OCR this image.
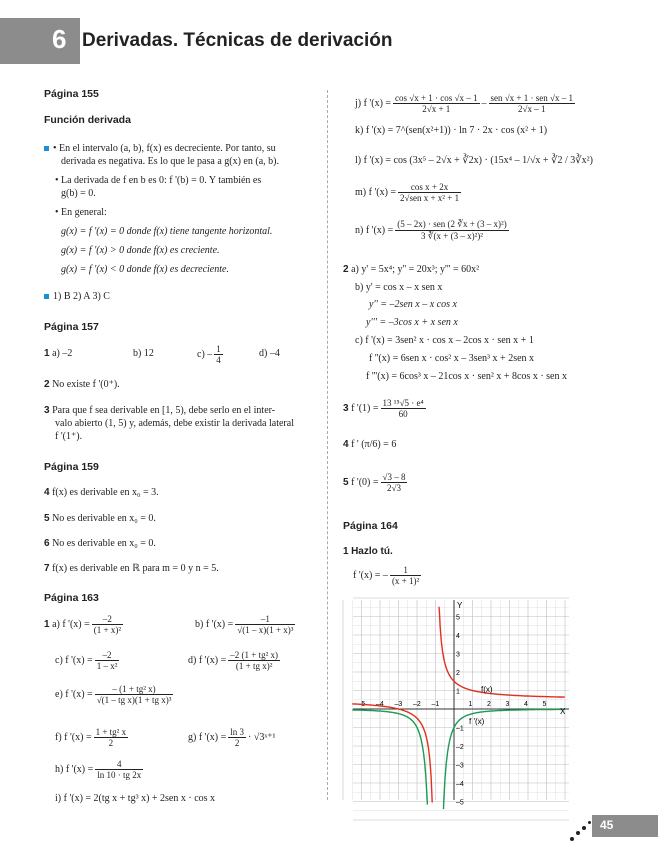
6 Derivadas. Técnicas de derivación
Página 155
Función derivada
• En el intervalo (a, b), f(x) es decreciente. Por tanto, su
derivada es negativa. Es lo que le pasa a g(x) en (a, b).
• La derivada de f en b es 0: f '(b) = 0. Y también es
g(b) = 0.
• En general:
g(x) = f '(x) = 0 donde f(x) tiene tangente horizontal.
g(x) = f '(x) > 0 donde f(x) es creciente.
g(x) = f '(x) < 0 donde f(x) es decreciente.
1) B 2) A 3) C
Página 157
1 a) –2	b) 12	$c) - \frac{1}{4}$	d) –4
2 No existe f '(0⁺).
3 Para que f sea derivable en [1, 5), debe serlo en el inter-
valo abierto (1, 5) y, además, debe existir la derivada lateral
f '(1⁺).
Página 159
4 f(x) es derivable en x₀ = 3.
5 No es derivable en x₀ = 0.
6 No es derivable en x₀ = 0.
7 f(x) es derivable en ℝ para m = 0 y n = 5.
Página 163
1 a) f '$(x) = \frac{-2}{\text{(1 + x)²}}$	b) f '$(x) = \frac{-1}{\text{√(1 – x)(1 + x)³}}$
c) f '$(x) = \frac{-2}{\text{1 – x²}}$	d) f '$(x) = \frac{\text{–2 (1 + tg² x)}}{\text{(1 + tg x)²}}$
e) f '$(x) = \frac{\text{– (1 + tg² x)}}{\text{√(1 – tg x)(1 + tg x)³}}$
f) f '$(x) = \frac{\text{1 + tg² x}}{2}$	g) f '$(x) = \frac{\ln 3}{2}$ · √3ˣ⁺¹
h) f '$(x) = \frac{4}{\ln 10 \cdot tg 2x}$
i) f '(x) = 2(tg x + tg³ x) + 2sen x · cos x
j) f '$(x) = \frac{\cos √x + 1 \cdot \cos √x - 1}{2√x + 1} - \frac{\text{sen √x + 1 · sen √x – 1}}{2√x - 1}$
k) f '(x) = 7^(sen(x²+1)) · ln 7 · 2x · cos (x² + 1)
l) f '(x) = cos (3x⁵ – 2√x + ∛2x) · (15x⁴ – 1/√x + ∛2 / 3∛x²)
m) f '$(x) = \frac{\text{cos x + 2x}}{\text{2√sen x + x² + 1}}$
n) f '$(x) = \frac{\text{(5 – 2x) · sen (2 ∛x + (3 – x)²)}}{\text{3 ∛(x + (3 – x)²)²}}$
2 a) y' = 5x⁴; y'' = 20x³; y''' = 60x²
b) y' = cos x – x sen x
y'' = –2sen x – x cos x
y''' = –3cos x + x sen x
c) f '(x) = 3sen² x · cos x – 2cos x · sen x + 1
f ''(x) = 6sen x · cos² x – 3sen³ x + 2sen x
f '''(x) = 6cos³ x – 21cos x · sen² x + 8cos x · sen x
3 f '$(1) = \frac{\text{13 ¹⁵√5 · e⁴}}{60}$
4 f ' (π/6) = 6
5 f '$(0) = \frac{√3 - 8}{2√3}$
Página 164
1 Hazlo tú.
f '(x) = – $\frac{1}{\text{(x + 1)²}}$
–5 –4 –3 –2 –1	1 2 3 4 5
5
4
3
2
1
–1
–2
–3
–4
–5
f(x)
f '(x)
Y
X
45
